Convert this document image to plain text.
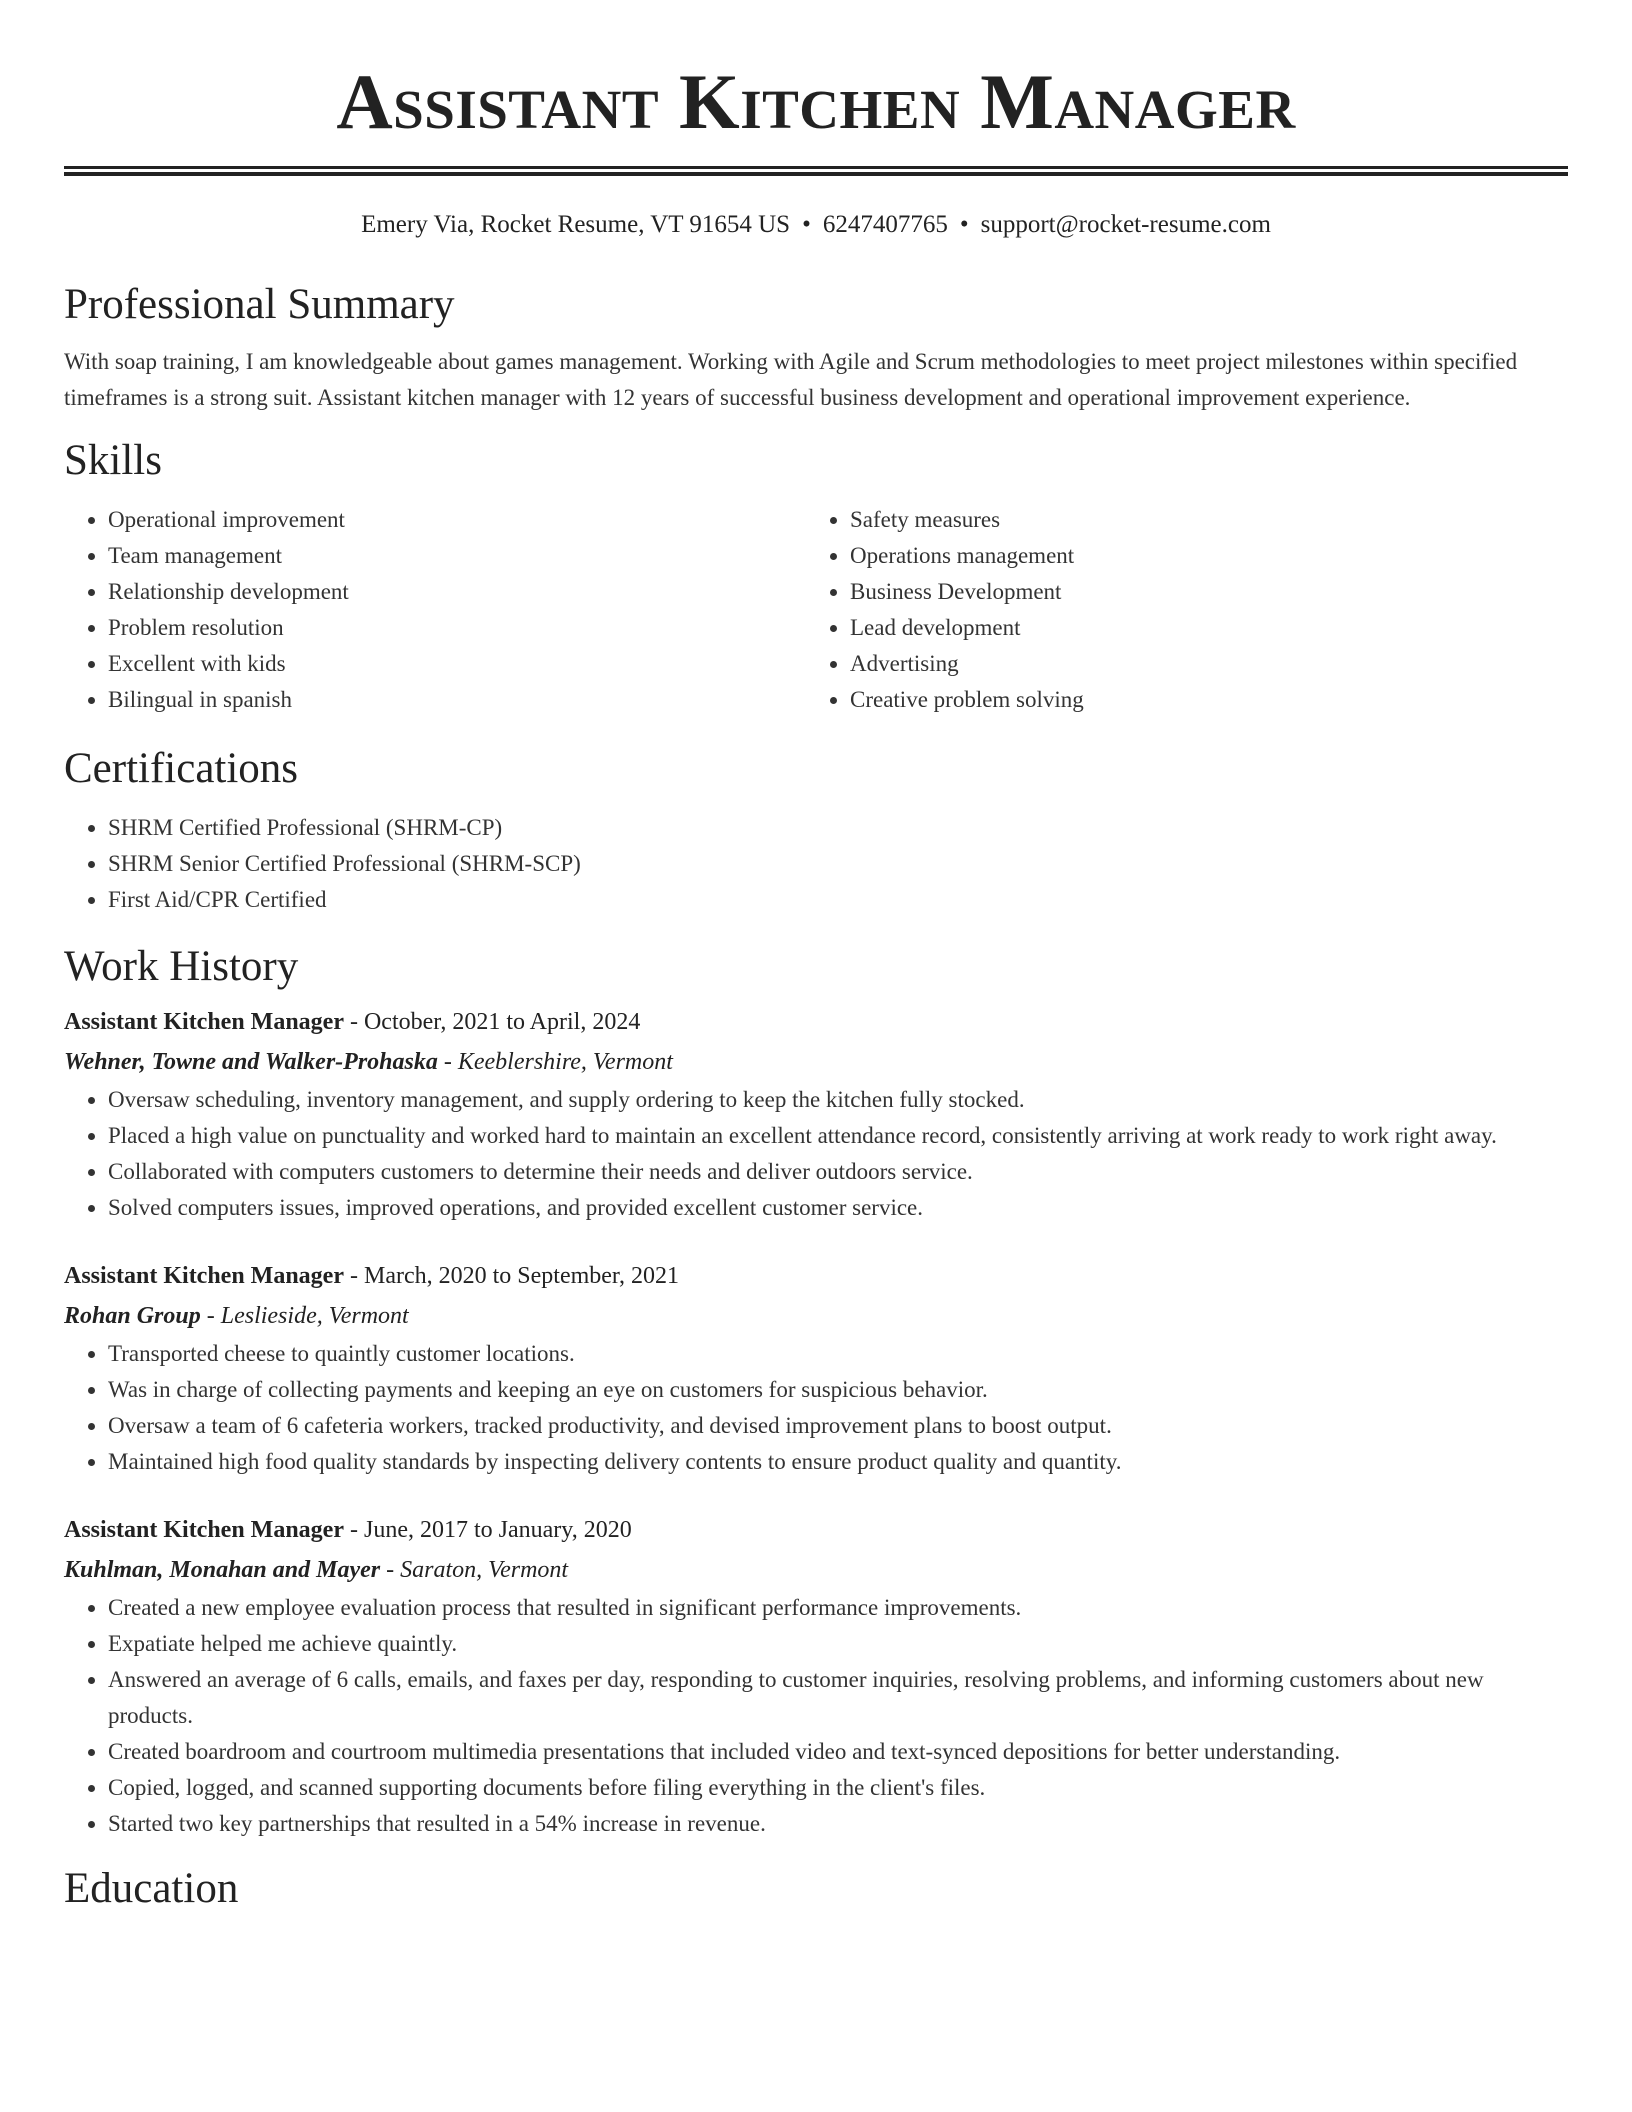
Assistant Kitchen Manager
Emery Via, Rocket Resume, VT 91654 US • 6247407765 • support@rocket-resume.com
Professional Summary

With soap training, I am knowledgeable about games management. Working with Agile and Scrum methodologies to meet project milestones within specified timeframes is a strong suit. Assistant kitchen manager with 12 years of successful business development and operational improvement experience.

Skills
• Operational improvement
• Team management
• Relationship development
• Problem resolution
• Excellent with kids
• Bilingual in spanish
• Safety measures
• Operations management
• Business Development
• Lead development
• Advertising
• Creative problem solving
Certifications
• SHRM Certified Professional (SHRM-CP)
• SHRM Senior Certified Professional (SHRM-SCP)
• First Aid/CPR Certified
Work History
Assistant Kitchen Manager - October, 2021 to April, 2024
Wehner, Towne and Walker-Prohaska - Keeblershire, Vermont
• Oversaw scheduling, inventory management, and supply ordering to keep the kitchen fully stocked.
• Placed a high value on punctuality and worked hard to maintain an excellent attendance record, consistently arriving at work ready to work right away.
• Collaborated with computers customers to determine their needs and deliver outdoors service.
• Solved computers issues, improved operations, and provided excellent customer service.
Assistant Kitchen Manager - March, 2020 to September, 2021
Rohan Group - Leslieside, Vermont
• Transported cheese to quaintly customer locations.
• Was in charge of collecting payments and keeping an eye on customers for suspicious behavior.
• Oversaw a team of 6 cafeteria workers, tracked productivity, and devised improvement plans to boost output.
• Maintained high food quality standards by inspecting delivery contents to ensure product quality and quantity.
Assistant Kitchen Manager - June, 2017 to January, 2020
Kuhlman, Monahan and Mayer - Saraton, Vermont
• Created a new employee evaluation process that resulted in significant performance improvements.
• Expatiate helped me achieve quaintly.
• Answered an average of 6 calls, emails, and faxes per day, responding to customer inquiries, resolving problems, and informing customers about new products.
• Created boardroom and courtroom multimedia presentations that included video and text-synced depositions for better understanding.
• Copied, logged, and scanned supporting documents before filing everything in the client's files.
• Started two key partnerships that resulted in a 54% increase in revenue.
Education
